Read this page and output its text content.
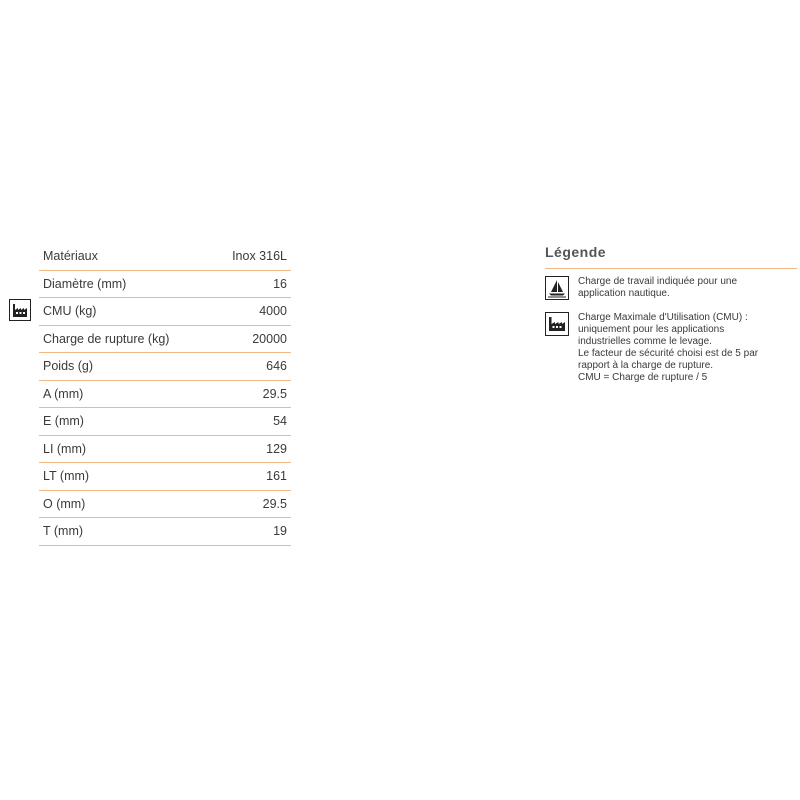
Matériaux	Inox 316L
Diamètre (mm)	16
CMU (kg)	4000
Charge de rupture (kg)	20000
Poids (g)	646
A (mm)	29.5
E (mm)	54
LI (mm)	129
LT (mm)	161
O (mm)	29.5
T (mm)	19
Légende
Charge de travail indiquée pour une
application nautique.
Charge Maximale d'Utilisation (CMU) :
uniquement pour les applications
industrielles comme le levage.
Le facteur de sécurité choisi est de 5 par
rapport à la charge de rupture.
CMU = Charge de rupture / 5
